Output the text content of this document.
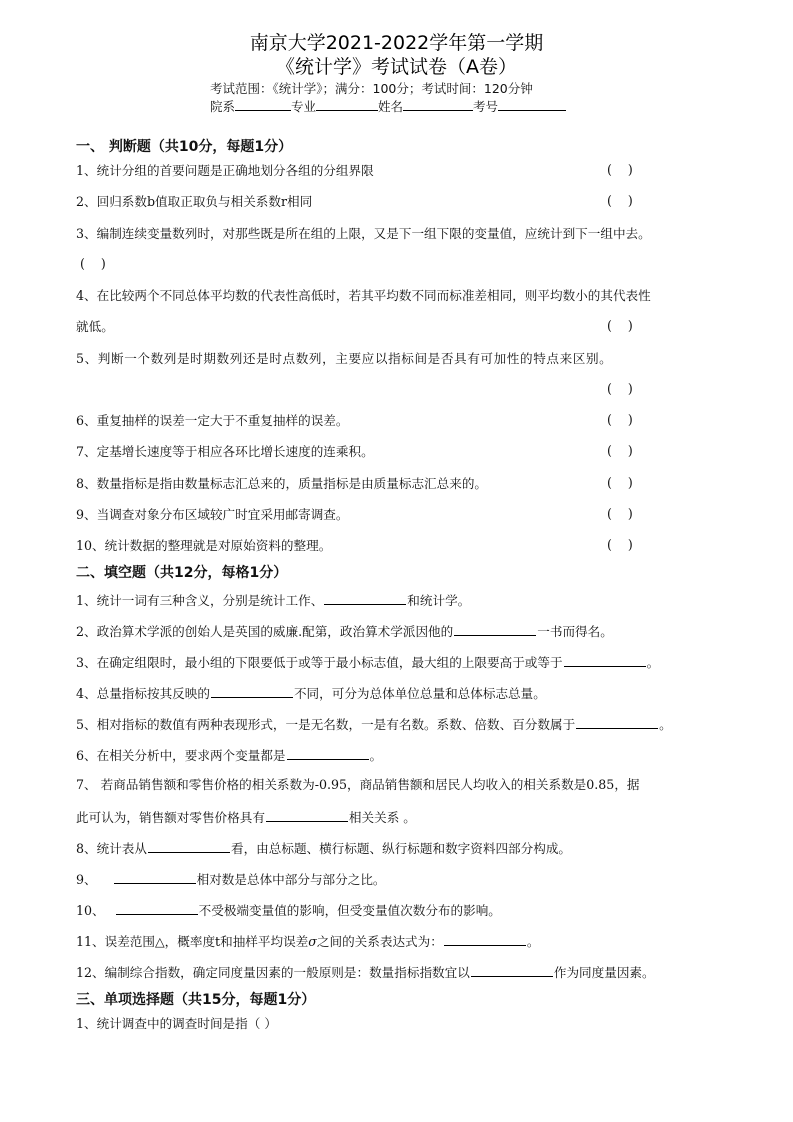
南京大学2021-2022学年第一学期
《统计学》考试试卷（A卷）
考试范围：《统计学》；满分：100分；考试时间：120分钟
院系	专业	姓名	考号
一、 判断题（共10分，每题1分）
1、统计分组的首要问题是正确地划分各组的分组界限	(    )
2、回归系数b值取正取负与相关系数r相同	(    )
3、编制连续变量数列时，对那些既是所在组的上限，又是下一组下限的变量值，应统计到下一组中去。
(    )
4、在比较两个不同总体平均数的代表性高低时，若其平均数不同而标准差相同，则平均数小的其代表性
就低。	(    )
5、判断一个数列是时期数列还是时点数列，主要应以指标间是否具有可加性的特点来区别。
(    )
6、重复抽样的误差一定大于不重复抽样的误差。	(    )
7、定基增长速度等于相应各环比增长速度的连乘积。	(    )
8、数量指标是指由数量标志汇总来的，质量指标是由质量标志汇总来的。	(    )
9、当调查对象分布区域较广时宜采用邮寄调查。	(    )
10、统计数据的整理就是对原始资料的整理。	(    )
二、填空题（共12分，每格1分）
1、统计一词有三种含义，分别是统计工作、	和统计学。
2、政治算术学派的创始人是英国的威廉.配第，政治算术学派因他的	一书而得名。
3、在确定组限时，最小组的下限要低于或等于最小标志值，最大组的上限要高于或等于	。
4、总量指标按其反映的	不同，可分为总体单位总量和总体标志总量。
5、相对指标的数值有两种表现形式，一是无名数，一是有名数。系数、倍数、百分数属于	。
6、在相关分析中，要求两个变量都是	。
7、 若商品销售额和零售价格的相关系数为-0.95，商品销售额和居民人均收入的相关系数是0.85，据
此可认为，销售额对零售价格具有	相关关系 。
8、统计表从	看，由总标题、横行标题、纵行标题和数字资料四部分构成。
9、	相对数是总体中部分与部分之比。
10、	不受极端变量值的影响，但受变量值次数分布的影响。
11、误差范围△，概率度t和抽样平均误差σ之间的关系表达式为：	。
12、编制综合指数，确定同度量因素的一般原则是：数量指标指数宜以	作为同度量因素。
三、单项选择题（共15分，每题1分）
1、统计调查中的调查时间是指（ ）
